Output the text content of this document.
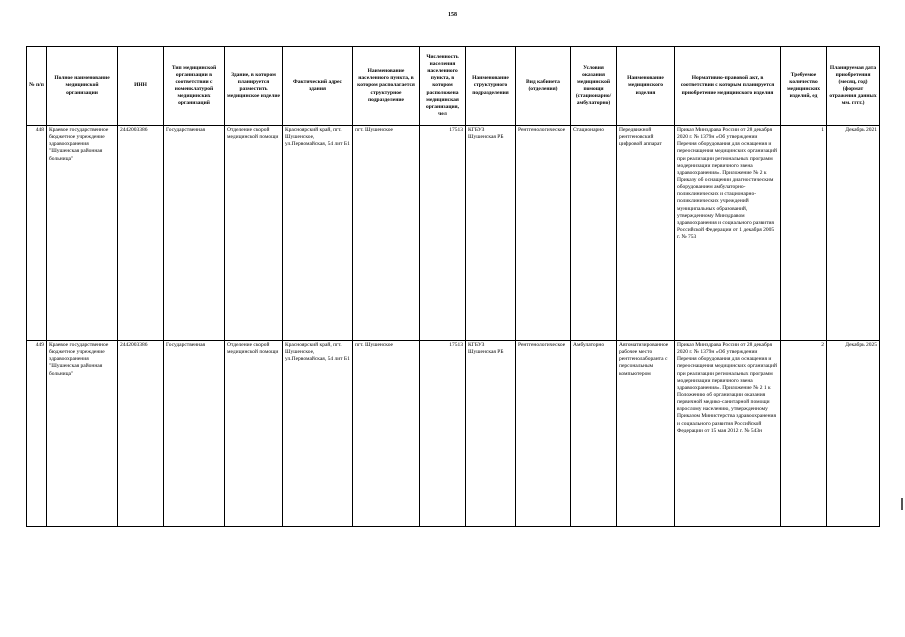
158
№ п/п	Полное наименование медицинской организации	ИНН	Тип медицинской организации в соответствии с номенклатурой медицинских организаций	Здание, в котором планируется разместить медицинское изделие	Фактический адрес здания	Наименование населенного пункта, в котором располагается структурное подразделение	Численность населения населенного пункта, в котором расположена медицинская организация, чел	Наименование структурного подразделения	Вид кабинета (отделения)	Условия оказания медицинской помощи (стационарно/амбулаторно)	Наименование медицинского изделия	Нормативно-правовой акт, в соответствии с которым планируется приобретение медицинского изделия	Требуемое количество медицинских изделий, ед	Планируемая дата приобретения (месяц, год) (формат отражения данных мм. гггг.)
448	Краевое государственное бюджетное учреждение здравоохранения "Шушенская районная больница"	2442003386	Государственная	Отделение скорой медицинской помощи	Красноярский край, пгт. Шушенское, ул.Первомайская, 54 лит Б1	пгт. Шушенское	17513	КГБУЗ Шушенская РБ	Рентгенологическое	Стационарно	Передвижной рентгеновский цифровой аппарат	Приказ Минздрава России от 28 декабря 2020 г. № 1379н «Об утверждении Перечня оборудования для оснащения и переоснащения медицинских организаций при реализации региональных программ модернизации первичного звена здравоохранения». Приложение № 2 к Приказу об оснащении диагностическим оборудованием амбулаторно-поликлинических и стационарно-поликлинических учреждений муниципальных образований, утвержденному Минздравом здравоохранения и социального развития Российской Федерации от 1 декабря 2005 г. № 753	1	Декабрь 2021
449	Краевое государственное бюджетное учреждение здравоохранения "Шушенская районная больница"	2442003386	Государственная	Отделение скорой медицинской помощи	Красноярский край, пгт. Шушенское, ул.Первомайская, 54 лит Б1	пгт. Шушенское	17513	КГБУЗ Шушенская РБ	Рентгенологическое	Амбулаторно	Автоматизированное рабочее место рентгенолаборанта с персональным компьютером	Приказ Минздрава России от 28 декабря 2020 г. № 1379н «Об утверждении Перечня оборудования для оснащения и переоснащения медицинских организаций при реализации региональных программ модернизации первичного звена здравоохранения». Приложение № 2 1 к Положению об организации оказания первичной медико-санитарной помощи взрослому населению, утвержденному Приказом Министерства здравоохранения и социального развития Российской Федерации от 15 мая 2012 г. № 543н	2	Декабрь 2025
